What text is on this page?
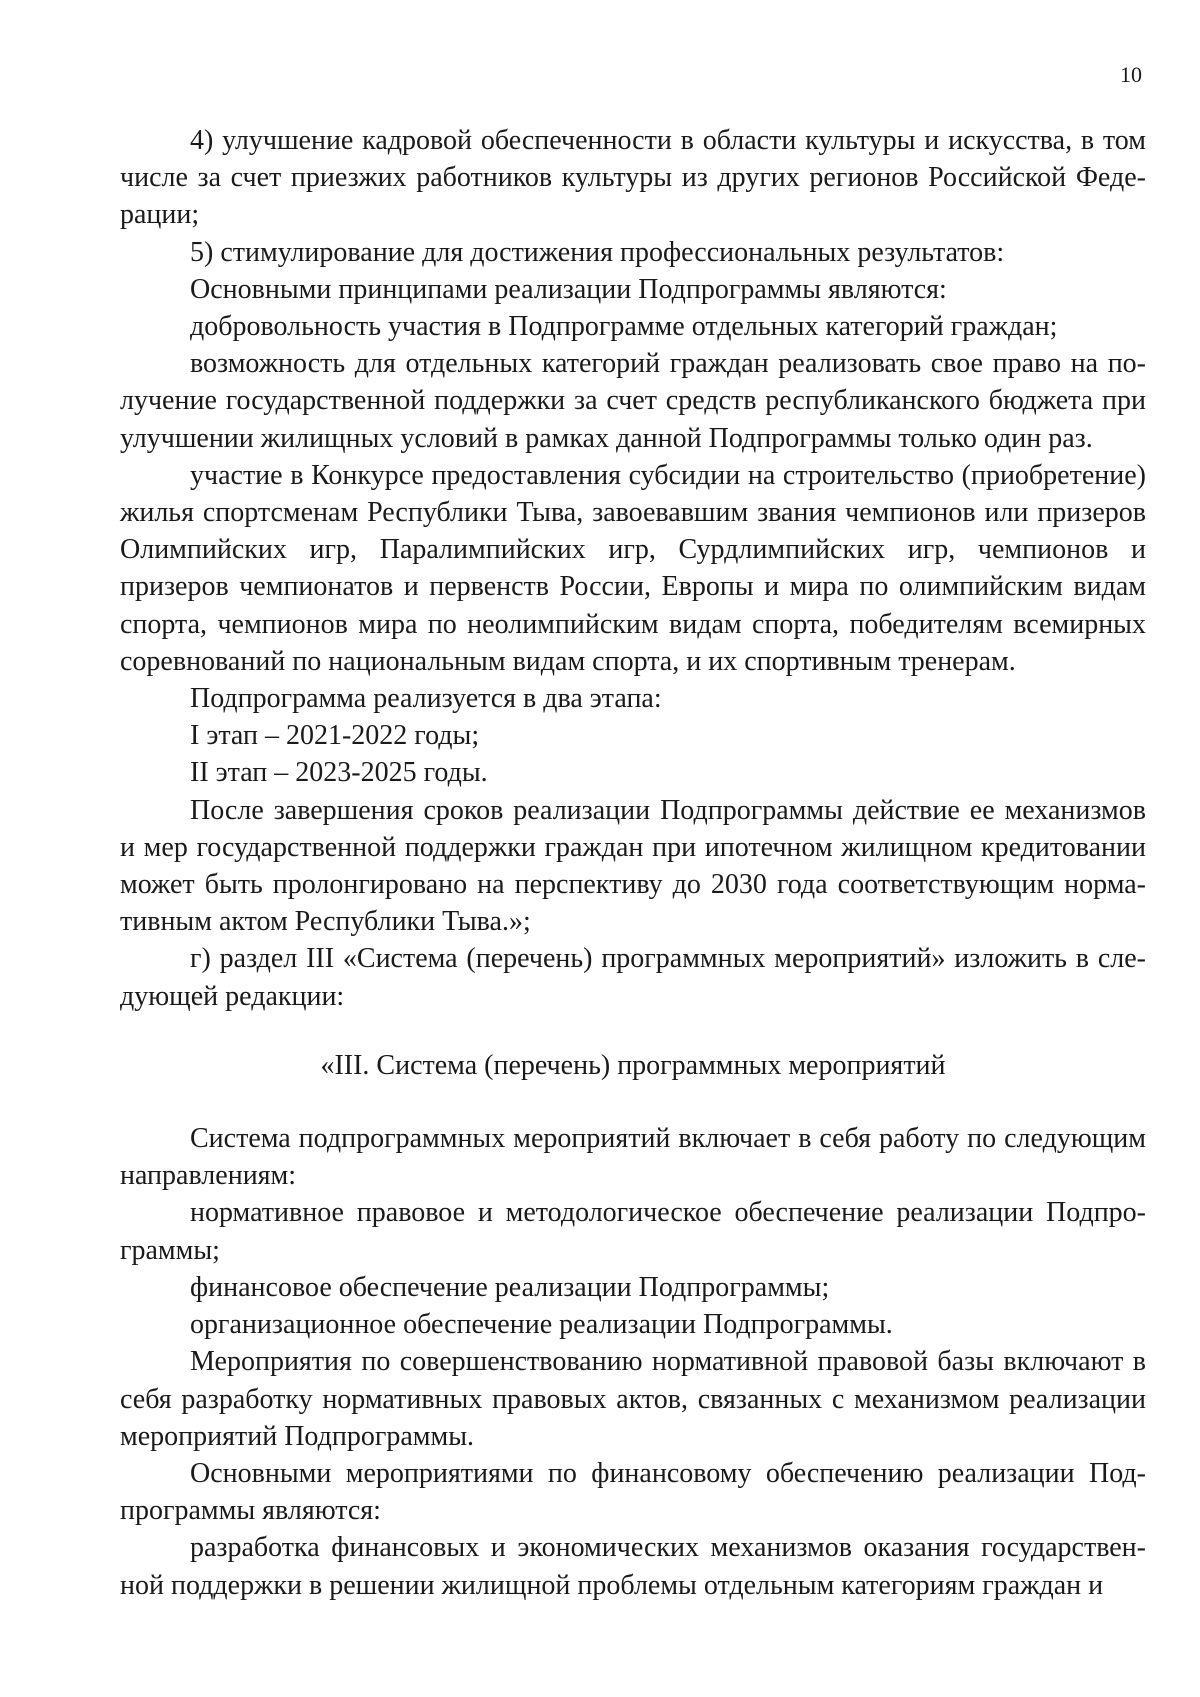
10

4) улучшение кадровой обеспеченности в области культуры и искусства, в том числе за счет приезжих работников культуры из других регионов Российской Федерации;

5) стимулирование для достижения профессиональных результатов:

Основными принципами реализации Подпрограммы являются:

добровольность участия в Подпрограмме отдельных категорий граждан;

возможность для отдельных категорий граждан реализовать свое право на получение государственной поддержки за счет средств республиканского бюджета при улучшении жилищных условий в рамках данной Подпрограммы только один раз.

участие в Конкурсе предоставления субсидии на строительство (приобретение) жилья спортсменам Республики Тыва, завоевавшим звания чемпионов или призеров Олимпийских игр, Паралимпийских игр, Сурдлимпийских игр, чемпионов и призеров чемпионатов и первенств России, Европы и мира по олимпийским видам спорта, чемпионов мира по неолимпийским видам спорта, победителям всемирных соревнований по национальным видам спорта, и их спортивным тренерам.

Подпрограмма реализуется в два этапа:

I этап – 2021-2022 годы;

II этап – 2023-2025 годы.

После завершения сроков реализации Подпрограммы действие ее механизмов и мер государственной поддержки граждан при ипотечном жилищном кредитовании может быть пролонгировано на перспективу до 2030 года соответствующим нормативным актом Республики Тыва.»;

г) раздел III «Система (перечень) программных мероприятий» изложить в следующей редакции:

«III. Система (перечень) программных мероприятий

Система подпрограммных мероприятий включает в себя работу по следующим направлениям:

нормативное правовое и методологическое обеспечение реализации Подпрограммы;

финансовое обеспечение реализации Подпрограммы;

организационное обеспечение реализации Подпрограммы.

Мероприятия по совершенствованию нормативной правовой базы включают в себя разработку нормативных правовых актов, связанных с механизмом реализации мероприятий Подпрограммы.

Основными мероприятиями по финансовому обеспечению реализации Подпрограммы являются:

разработка финансовых и экономических механизмов оказания государственной поддержки в решении жилищной проблемы отдельным категориям граждан и
